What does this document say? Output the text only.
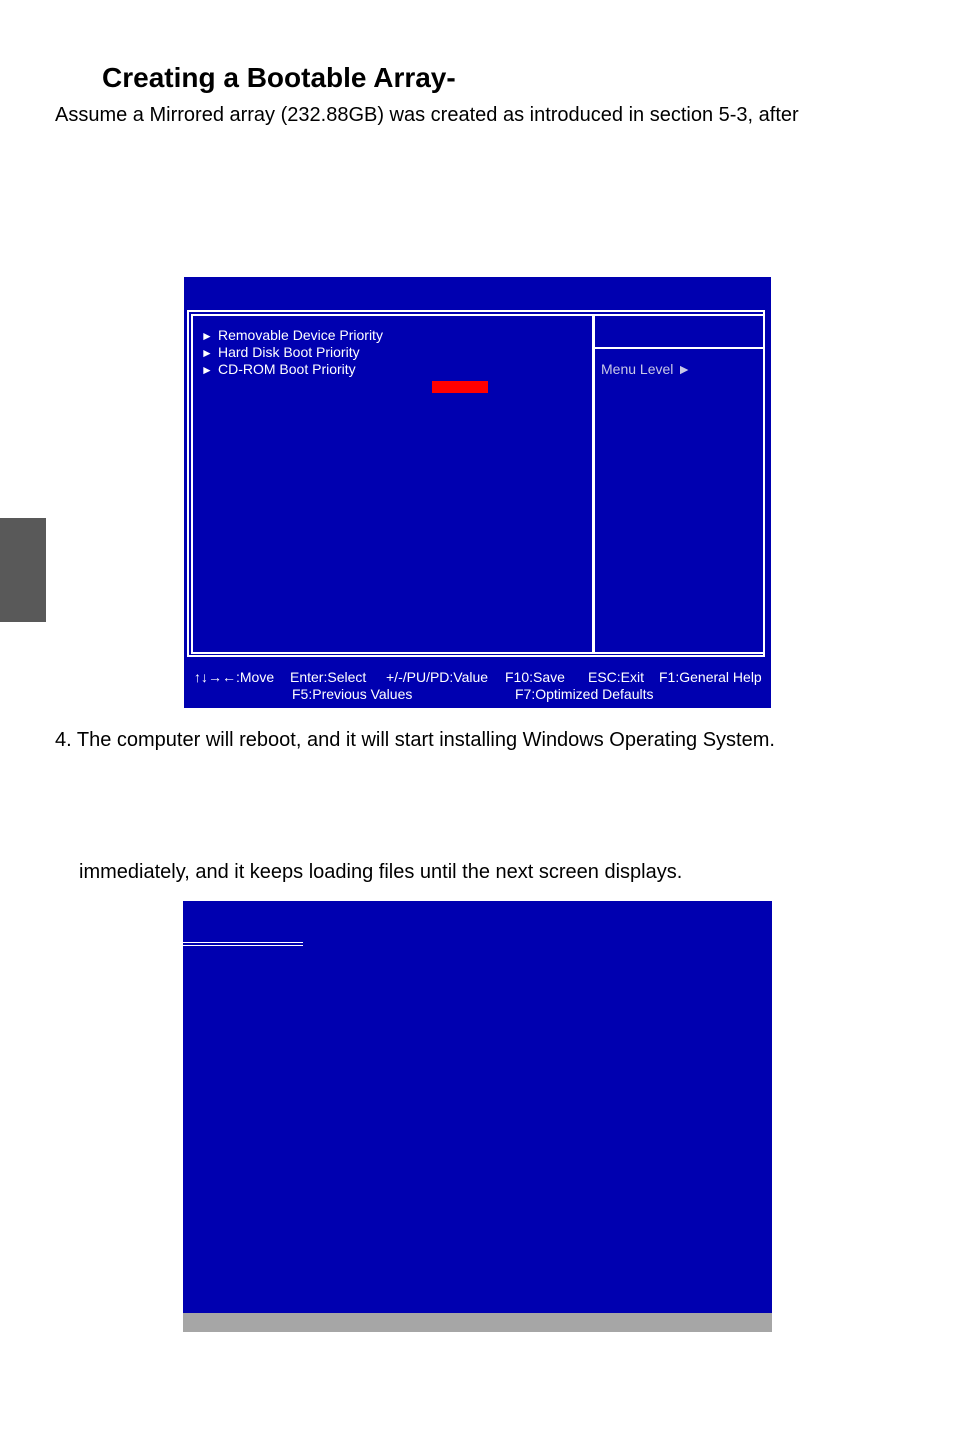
Creating a Bootable Array-
Assume a Mirrored array (232.88GB) was created as introduced in section 5-3, after
► Removable Device Priority
► Hard Disk Boot Priority
► CD-ROM Boot Priority	Menu Level ►
↑↓→←:Move Enter:Select +/-/PU/PD:Value F10:Save ESC:Exit F1:General Help
F5:Previous Values	F7:Optimized Defaults
4. The computer will reboot, and it will start installing Windows Operating System.
immediately, and it keeps loading files until the next screen displays.
